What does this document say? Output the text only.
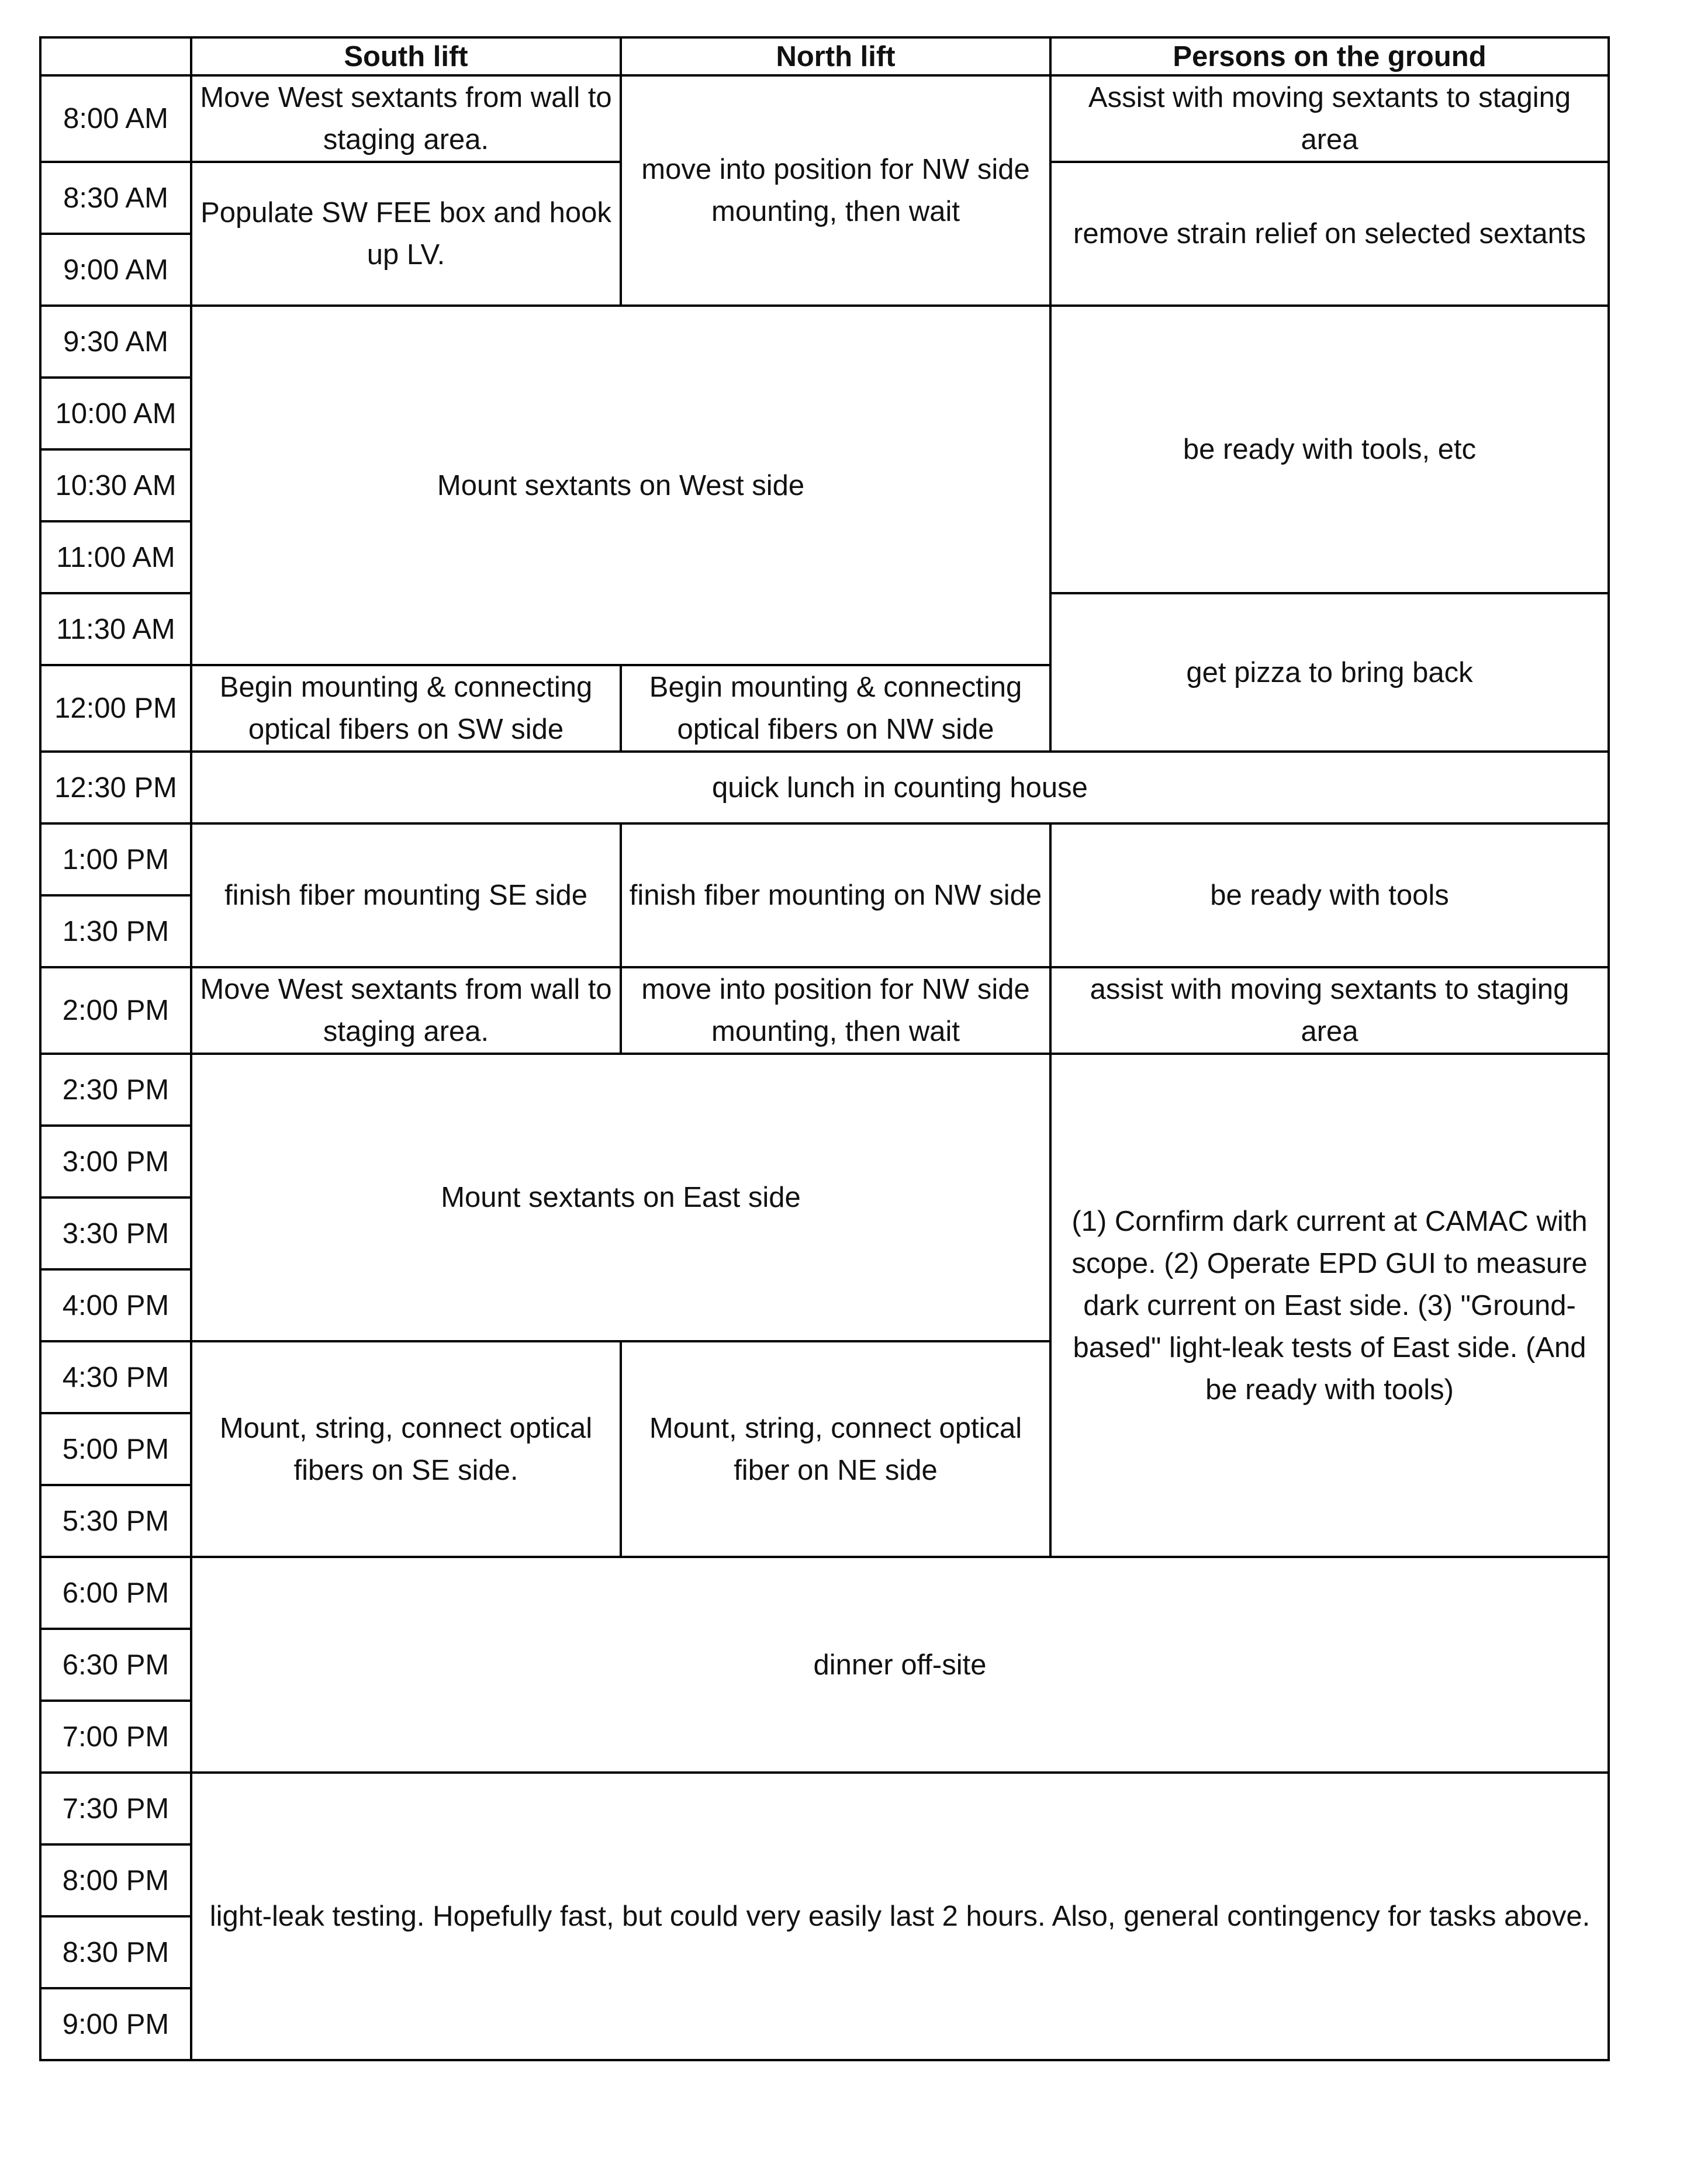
	South lift	North lift	Persons on the ground
8:00 AM	Move West sextants from wall to staging area.	move into position for NW side mounting, then wait	Assist with moving sextants to staging area
8:30 AM	Populate SW FEE box and hook up LV.		remove strain relief on selected sextants
9:00 AM			
9:30 AM	Mount sextants on West side		be ready with tools, etc
10:00 AM			
10:30 AM			
11:00 AM			
11:30 AM			get pizza to bring back
12:00 PM	Begin mounting & connecting optical fibers on SW side	Begin mounting & connecting optical fibers on NW side	
12:30 PM	quick lunch in counting house		
1:00 PM	finish fiber mounting SE side	finish fiber mounting on NW side	be ready with tools
1:30 PM			
2:00 PM	Move West sextants from wall to staging area.	move into position for NW side mounting, then wait	assist with moving sextants to staging area
2:30 PM	Mount sextants on East side		(1) Cornfirm dark current at CAMAC with scope. (2) Operate EPD GUI to measure dark current on East side. (3) "Ground-based" light-leak tests of East side. (And be ready with tools)
3:00 PM			
3:30 PM			
4:00 PM			
4:30 PM	Mount, string, connect optical fibers on SE side.	Mount, string, connect optical fiber on NE side	
5:00 PM			
5:30 PM			
6:00 PM	dinner off-site		
6:30 PM			
7:00 PM			
7:30 PM	light-leak testing. Hopefully fast, but could very easily last 2 hours. Also, general contingency for tasks above.		
8:00 PM			
8:30 PM			
9:00 PM			
